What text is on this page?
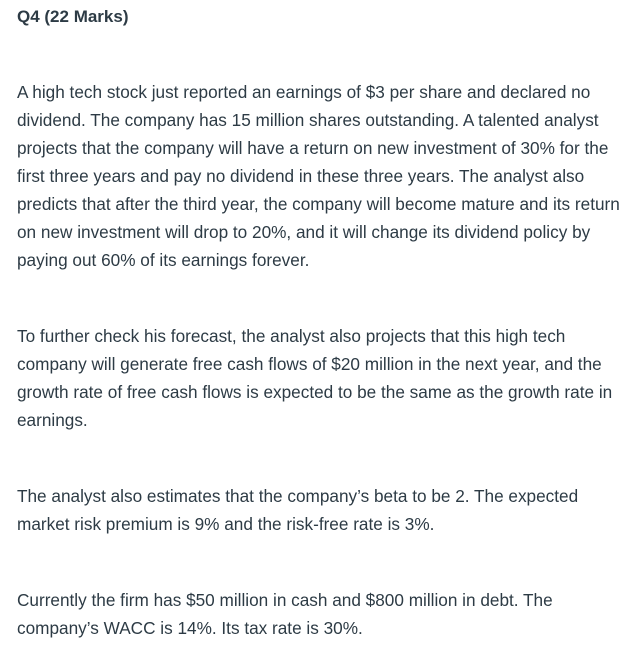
Q4 (22 Marks)

A high tech stock just reported an earnings of $3 per share and declared no dividend. The company has 15 million shares outstanding. A talented analyst projects that the company will have a return on new investment of 30% for the first three years and pay no dividend in these three years. The analyst also predicts that after the third year, the company will become mature and its return on new investment will drop to 20%, and it will change its dividend policy by paying out 60% of its earnings forever.

To further check his forecast, the analyst also projects that this high tech company will generate free cash flows of $20 million in the next year, and the growth rate of free cash flows is expected to be the same as the growth rate in earnings.

The analyst also estimates that the company’s beta to be 2. The expected market risk premium is 9% and the risk-free rate is 3%.

Currently the firm has $50 million in cash and $800 million in debt. The company’s WACC is 14%. Its tax rate is 30%.
